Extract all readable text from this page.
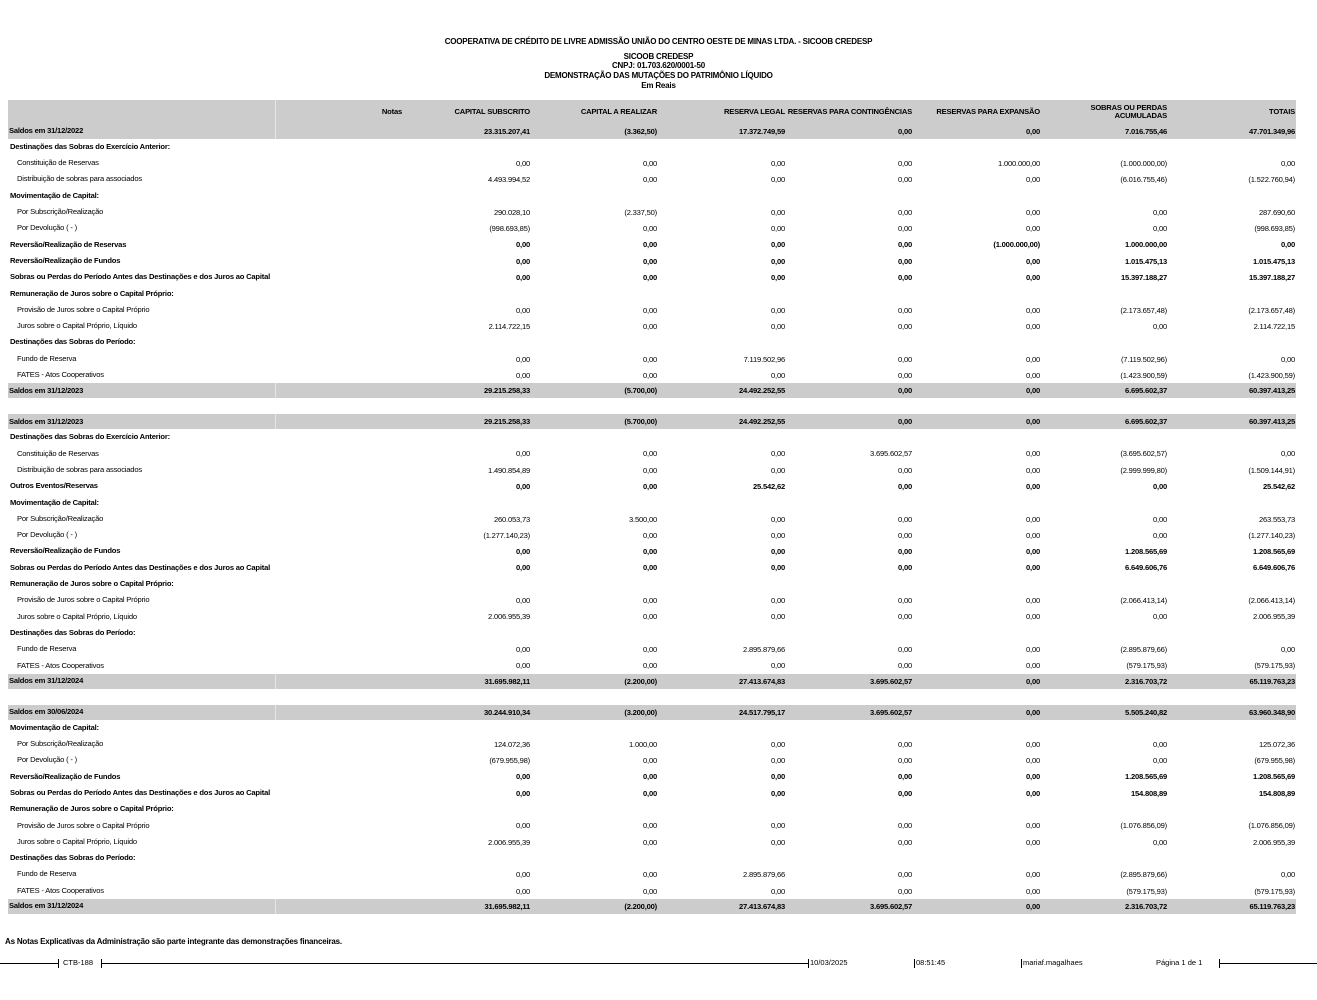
COOPERATIVA DE CRÉDITO DE LIVRE ADMISSÃO UNIÃO DO CENTRO OESTE DE MINAS LTDA. - SICOOB CREDESP
SICOOB CREDESP
CNPJ: 01.703.620/0001-50
DEMONSTRAÇÃO DAS MUTAÇÕES DO PATRIMÔNIO LÍQUIDO
Em Reais
	Notas	CAPITAL SUBSCRITO	CAPITAL A REALIZAR	RESERVA LEGAL	RESERVAS PARA CONTINGÊNCIAS	RESERVAS PARA EXPANSÃO	SOBRAS OU PERDAS ACUMULADAS	TOTAIS
Saldos em 31/12/2022		23.315.207,41	(3.362,50)	17.372.749,59	0,00	0,00	7.016.755,46	47.701.349,96
Destinações das Sobras do Exercício Anterior:								
Constituição de Reservas		0,00	0,00	0,00	0,00	1.000.000,00	(1.000.000,00)	0,00
Distribuição de sobras para associados		4.493.994,52	0,00	0,00	0,00	0,00	(6.016.755,46)	(1.522.760,94)
Movimentação de Capital:								
Por Subscrição/Realização		290.028,10	(2.337,50)	0,00	0,00	0,00	0,00	287.690,60
Por Devolução ( - )		(998.693,85)	0,00	0,00	0,00	0,00	0,00	(998.693,85)
Reversão/Realização de Reservas		0,00	0,00	0,00	0,00	(1.000.000,00)	1.000.000,00	0,00
Reversão/Realização de Fundos		0,00	0,00	0,00	0,00	0,00	1.015.475,13	1.015.475,13
Sobras ou Perdas do Período Antes das Destinações e dos Juros ao Capital		0,00	0,00	0,00	0,00	0,00	15.397.188,27	15.397.188,27
Remuneração de Juros sobre o Capital Próprio:								
Provisão de Juros sobre o Capital Próprio		0,00	0,00	0,00	0,00	0,00	(2.173.657,48)	(2.173.657,48)
Juros sobre o Capital Próprio, Líquido		2.114.722,15	0,00	0,00	0,00	0,00	0,00	2.114.722,15
Destinações das Sobras do Período:								
Fundo de Reserva		0,00	0,00	7.119.502,96	0,00	0,00	(7.119.502,96)	0,00
FATES - Atos Cooperativos		0,00	0,00	0,00	0,00	0,00	(1.423.900,59)	(1.423.900,59)
Saldos em 31/12/2023		29.215.258,33	(5.700,00)	24.492.252,55	0,00	0,00	6.695.602,37	60.397.413,25

Saldos em 31/12/2023		29.215.258,33	(5.700,00)	24.492.252,55	0,00	0,00	6.695.602,37	60.397.413,25
Destinações das Sobras do Exercício Anterior:								
Constituição de Reservas		0,00	0,00	0,00	3.695.602,57	0,00	(3.695.602,57)	0,00
Distribuição de sobras para associados		1.490.854,89	0,00	0,00	0,00	0,00	(2.999.999,80)	(1.509.144,91)
Outros Eventos/Reservas		0,00	0,00	25.542,62	0,00	0,00	0,00	25.542,62
Movimentação de Capital:								
Por Subscrição/Realização		260.053,73	3.500,00	0,00	0,00	0,00	0,00	263.553,73
Por Devolução ( - )		(1.277.140,23)	0,00	0,00	0,00	0,00	0,00	(1.277.140,23)
Reversão/Realização de Fundos		0,00	0,00	0,00	0,00	0,00	1.208.565,69	1.208.565,69
Sobras ou Perdas do Período Antes das Destinações e dos Juros ao Capital		0,00	0,00	0,00	0,00	0,00	6.649.606,76	6.649.606,76
Remuneração de Juros sobre o Capital Próprio:								
Provisão de Juros sobre o Capital Próprio		0,00	0,00	0,00	0,00	0,00	(2.066.413,14)	(2.066.413,14)
Juros sobre o Capital Próprio, Líquido		2.006.955,39	0,00	0,00	0,00	0,00	0,00	2.006.955,39
Destinações das Sobras do Período:								
Fundo de Reserva		0,00	0,00	2.895.879,66	0,00	0,00	(2.895.879,66)	0,00
FATES - Atos Cooperativos		0,00	0,00	0,00	0,00	0,00	(579.175,93)	(579.175,93)
Saldos em 31/12/2024		31.695.982,11	(2.200,00)	27.413.674,83	3.695.602,57	0,00	2.316.703,72	65.119.763,23

Saldos em 30/06/2024		30.244.910,34	(3.200,00)	24.517.795,17	3.695.602,57	0,00	5.505.240,82	63.960.348,90
Movimentação de Capital:								
Por Subscrição/Realização		124.072,36	1.000,00	0,00	0,00	0,00	0,00	125.072,36
Por Devolução ( - )		(679.955,98)	0,00	0,00	0,00	0,00	0,00	(679.955,98)
Reversão/Realização de Fundos		0,00	0,00	0,00	0,00	0,00	1.208.565,69	1.208.565,69
Sobras ou Perdas do Período Antes das Destinações e dos Juros ao Capital		0,00	0,00	0,00	0,00	0,00	154.808,89	154.808,89
Remuneração de Juros sobre o Capital Próprio:								
Provisão de Juros sobre o Capital Próprio		0,00	0,00	0,00	0,00	0,00	(1.076.856,09)	(1.076.856,09)
Juros sobre o Capital Próprio, Líquido		2.006.955,39	0,00	0,00	0,00	0,00	0,00	2.006.955,39
Destinações das Sobras do Período:								
Fundo de Reserva		0,00	0,00	2.895.879,66	0,00	0,00	(2.895.879,66)	0,00
FATES - Atos Cooperativos		0,00	0,00	0,00	0,00	0,00	(579.175,93)	(579.175,93)
Saldos em 31/12/2024		31.695.982,11	(2.200,00)	27.413.674,83	3.695.602,57	0,00	2.316.703,72	65.119.763,23
As Notas Explicativas da Administração são parte integrante das demonstrações financeiras.
CTB-188	10/03/2025	08:51:45	mariaf.magalhaes	Página 1 de 1
